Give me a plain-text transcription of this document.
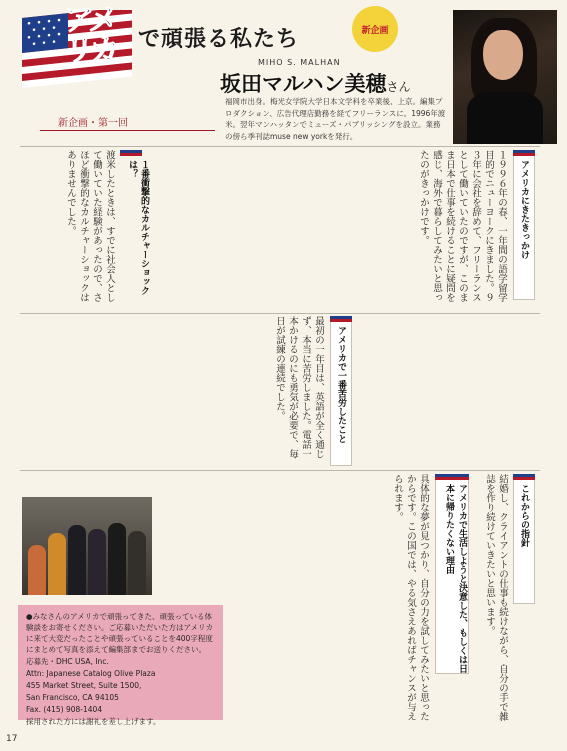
アメリカ	で頑張る私たち	新企画
MIHO S. MALHAN
坂田マルハン美穂さん
福岡市出身。梅光女学院大学日本文学科を卒業後、上京。編集プロダクション、広告代理店勤務を経てフリーランスに。1996年渡米。翌年マンハッタンでミューズ・パブリッシングを設立。業務の傍ら季刊誌muse new yorkを発行。
新企画・第一回
アメリカにきたきっかけ
１９９６年の春、一年間の語学留学目的でニューヨークにきました。９３年に会社を辞めて、フリーランスとして働いていたのですが、このまま日本で仕事を続けることに疑問を感じ、海外で暮らしてみたいと思ったのがきっかけです。
１番衝撃的なカルチャーショックは？
渡米したときは、すでに社会人として働いていた経験があったので、さほど衝撃的なカルチャーショックはありませんでした。
アメリカで一番苦労したこと
最初の一年目は、英語が全く通じず、本当に苦労しました。電話一本かけるのにも勇気が必要で、毎日が試練の連続でした。
アメリカで生活しようと決意した、もしくは日本に帰りたくない理由
具体的な夢が見つかり、自分の力を試してみたいと思ったからです。この国では、やる気さえあればチャンスが与えられます。	これからの指針
結婚し、クライアントの仕事も続けながら、自分の手で雑誌を作り続けていきたいと思います。

●みなさんのアメリカで頑張ってきた、頑張っている体験談をお寄せください。ご応募いただいた方はアメリカに来て大変だったことや頑張っていることを400字程度にまとめて写真を添えて編集部までお送りください。

応募先・DHC USA, Inc.

Attn: Japanese Catalog Olive Plaza

455 Market Street, Suite 1500,

San Francisco, CA 94105

Fax. (415) 908-1404

採用された方には謝礼を差し上げます。

17
